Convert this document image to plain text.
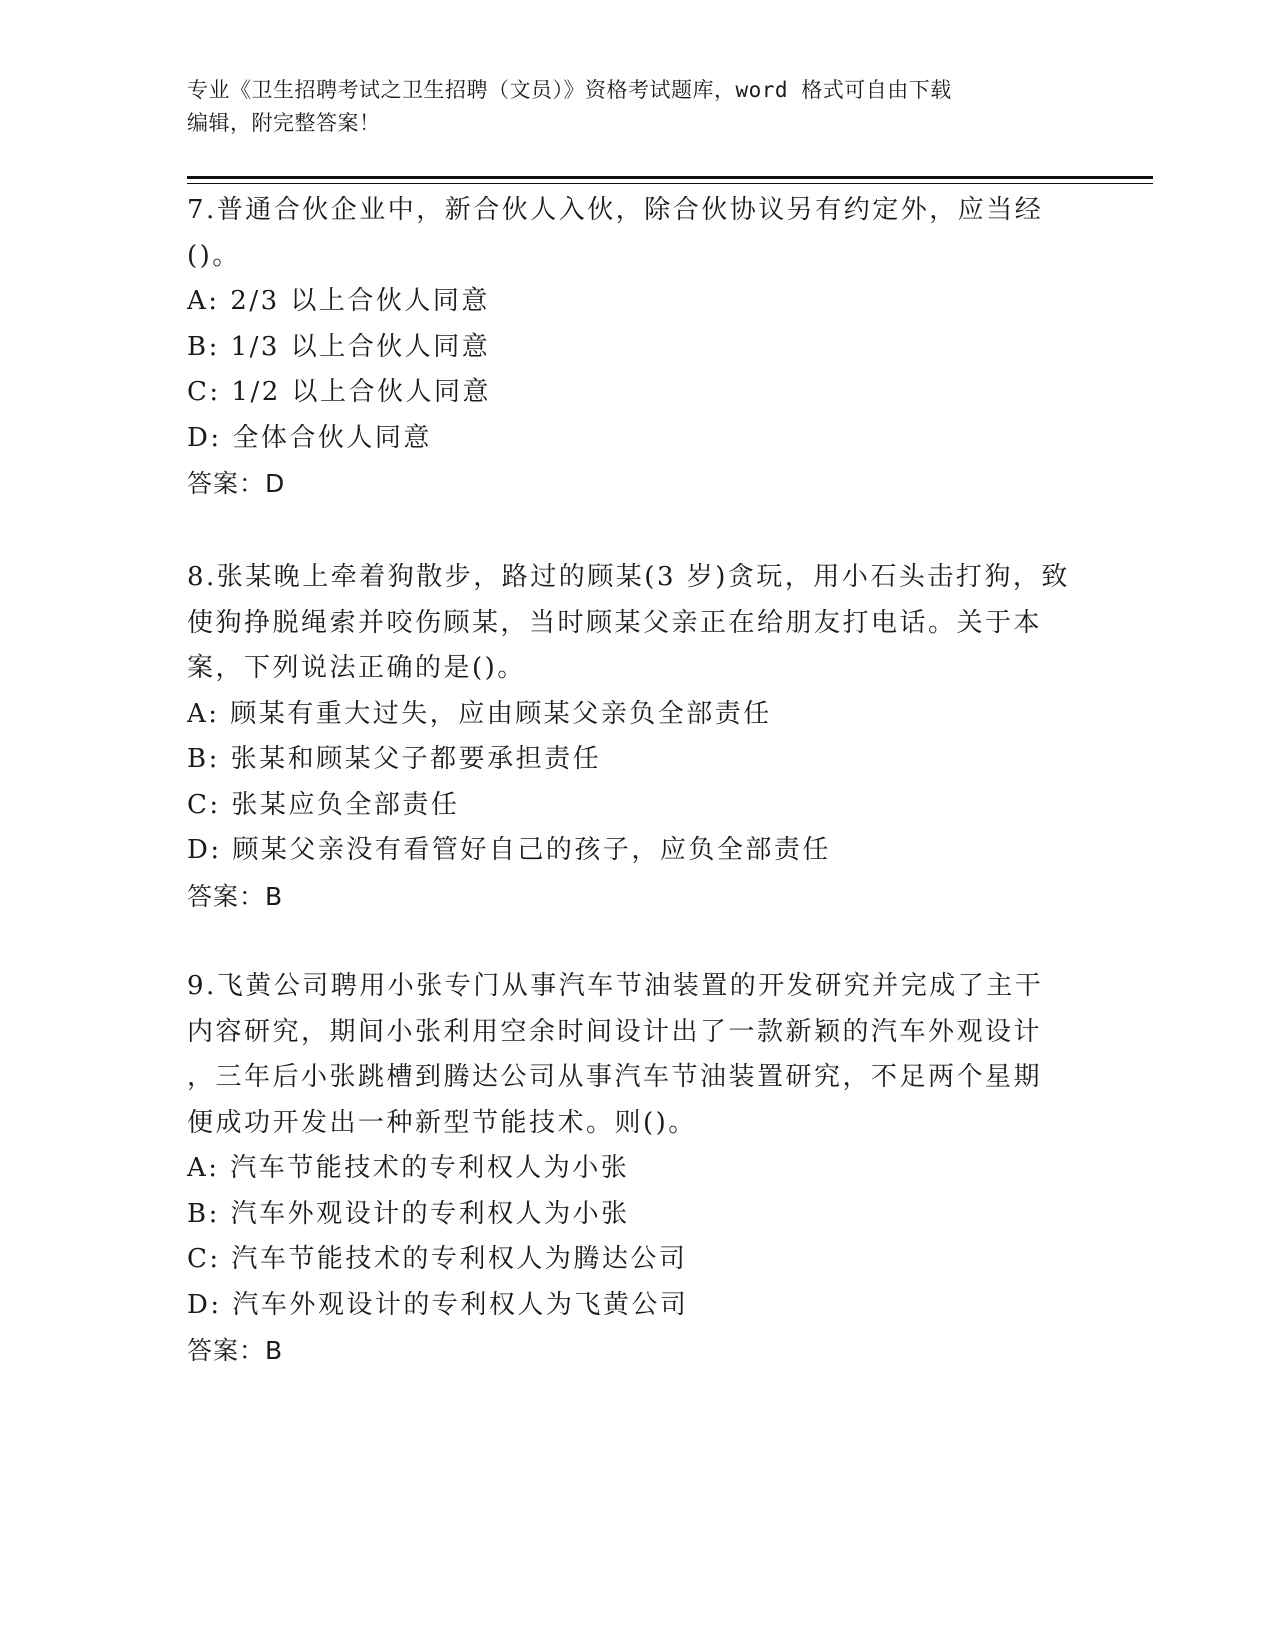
专业《卫生招聘考试之卫生招聘（文员）》资格考试题库，word 格式可自由下载
编辑，附完整答案！
7.普通合伙企业中，新合伙人入伙，除合伙协议另有约定外，应当经
()。
A: 2/3 以上合伙人同意
B: 1/3 以上合伙人同意
C: 1/2 以上合伙人同意
D: 全体合伙人同意
答案：D
8.张某晚上牵着狗散步，路过的顾某(3 岁)贪玩，用小石头击打狗，致
使狗挣脱绳索并咬伤顾某，当时顾某父亲正在给朋友打电话。关于本
案，下列说法正确的是()。
A: 顾某有重大过失，应由顾某父亲负全部责任
B: 张某和顾某父子都要承担责任
C: 张某应负全部责任
D: 顾某父亲没有看管好自己的孩子，应负全部责任
答案：B
9.飞黄公司聘用小张专门从事汽车节油装置的开发研究并完成了主干
内容研究，期间小张利用空余时间设计出了一款新颖的汽车外观设计
，三年后小张跳槽到腾达公司从事汽车节油装置研究，不足两个星期
便成功开发出一种新型节能技术。则()。
A: 汽车节能技术的专利权人为小张
B: 汽车外观设计的专利权人为小张
C: 汽车节能技术的专利权人为腾达公司
D: 汽车外观设计的专利权人为飞黄公司
答案：B
